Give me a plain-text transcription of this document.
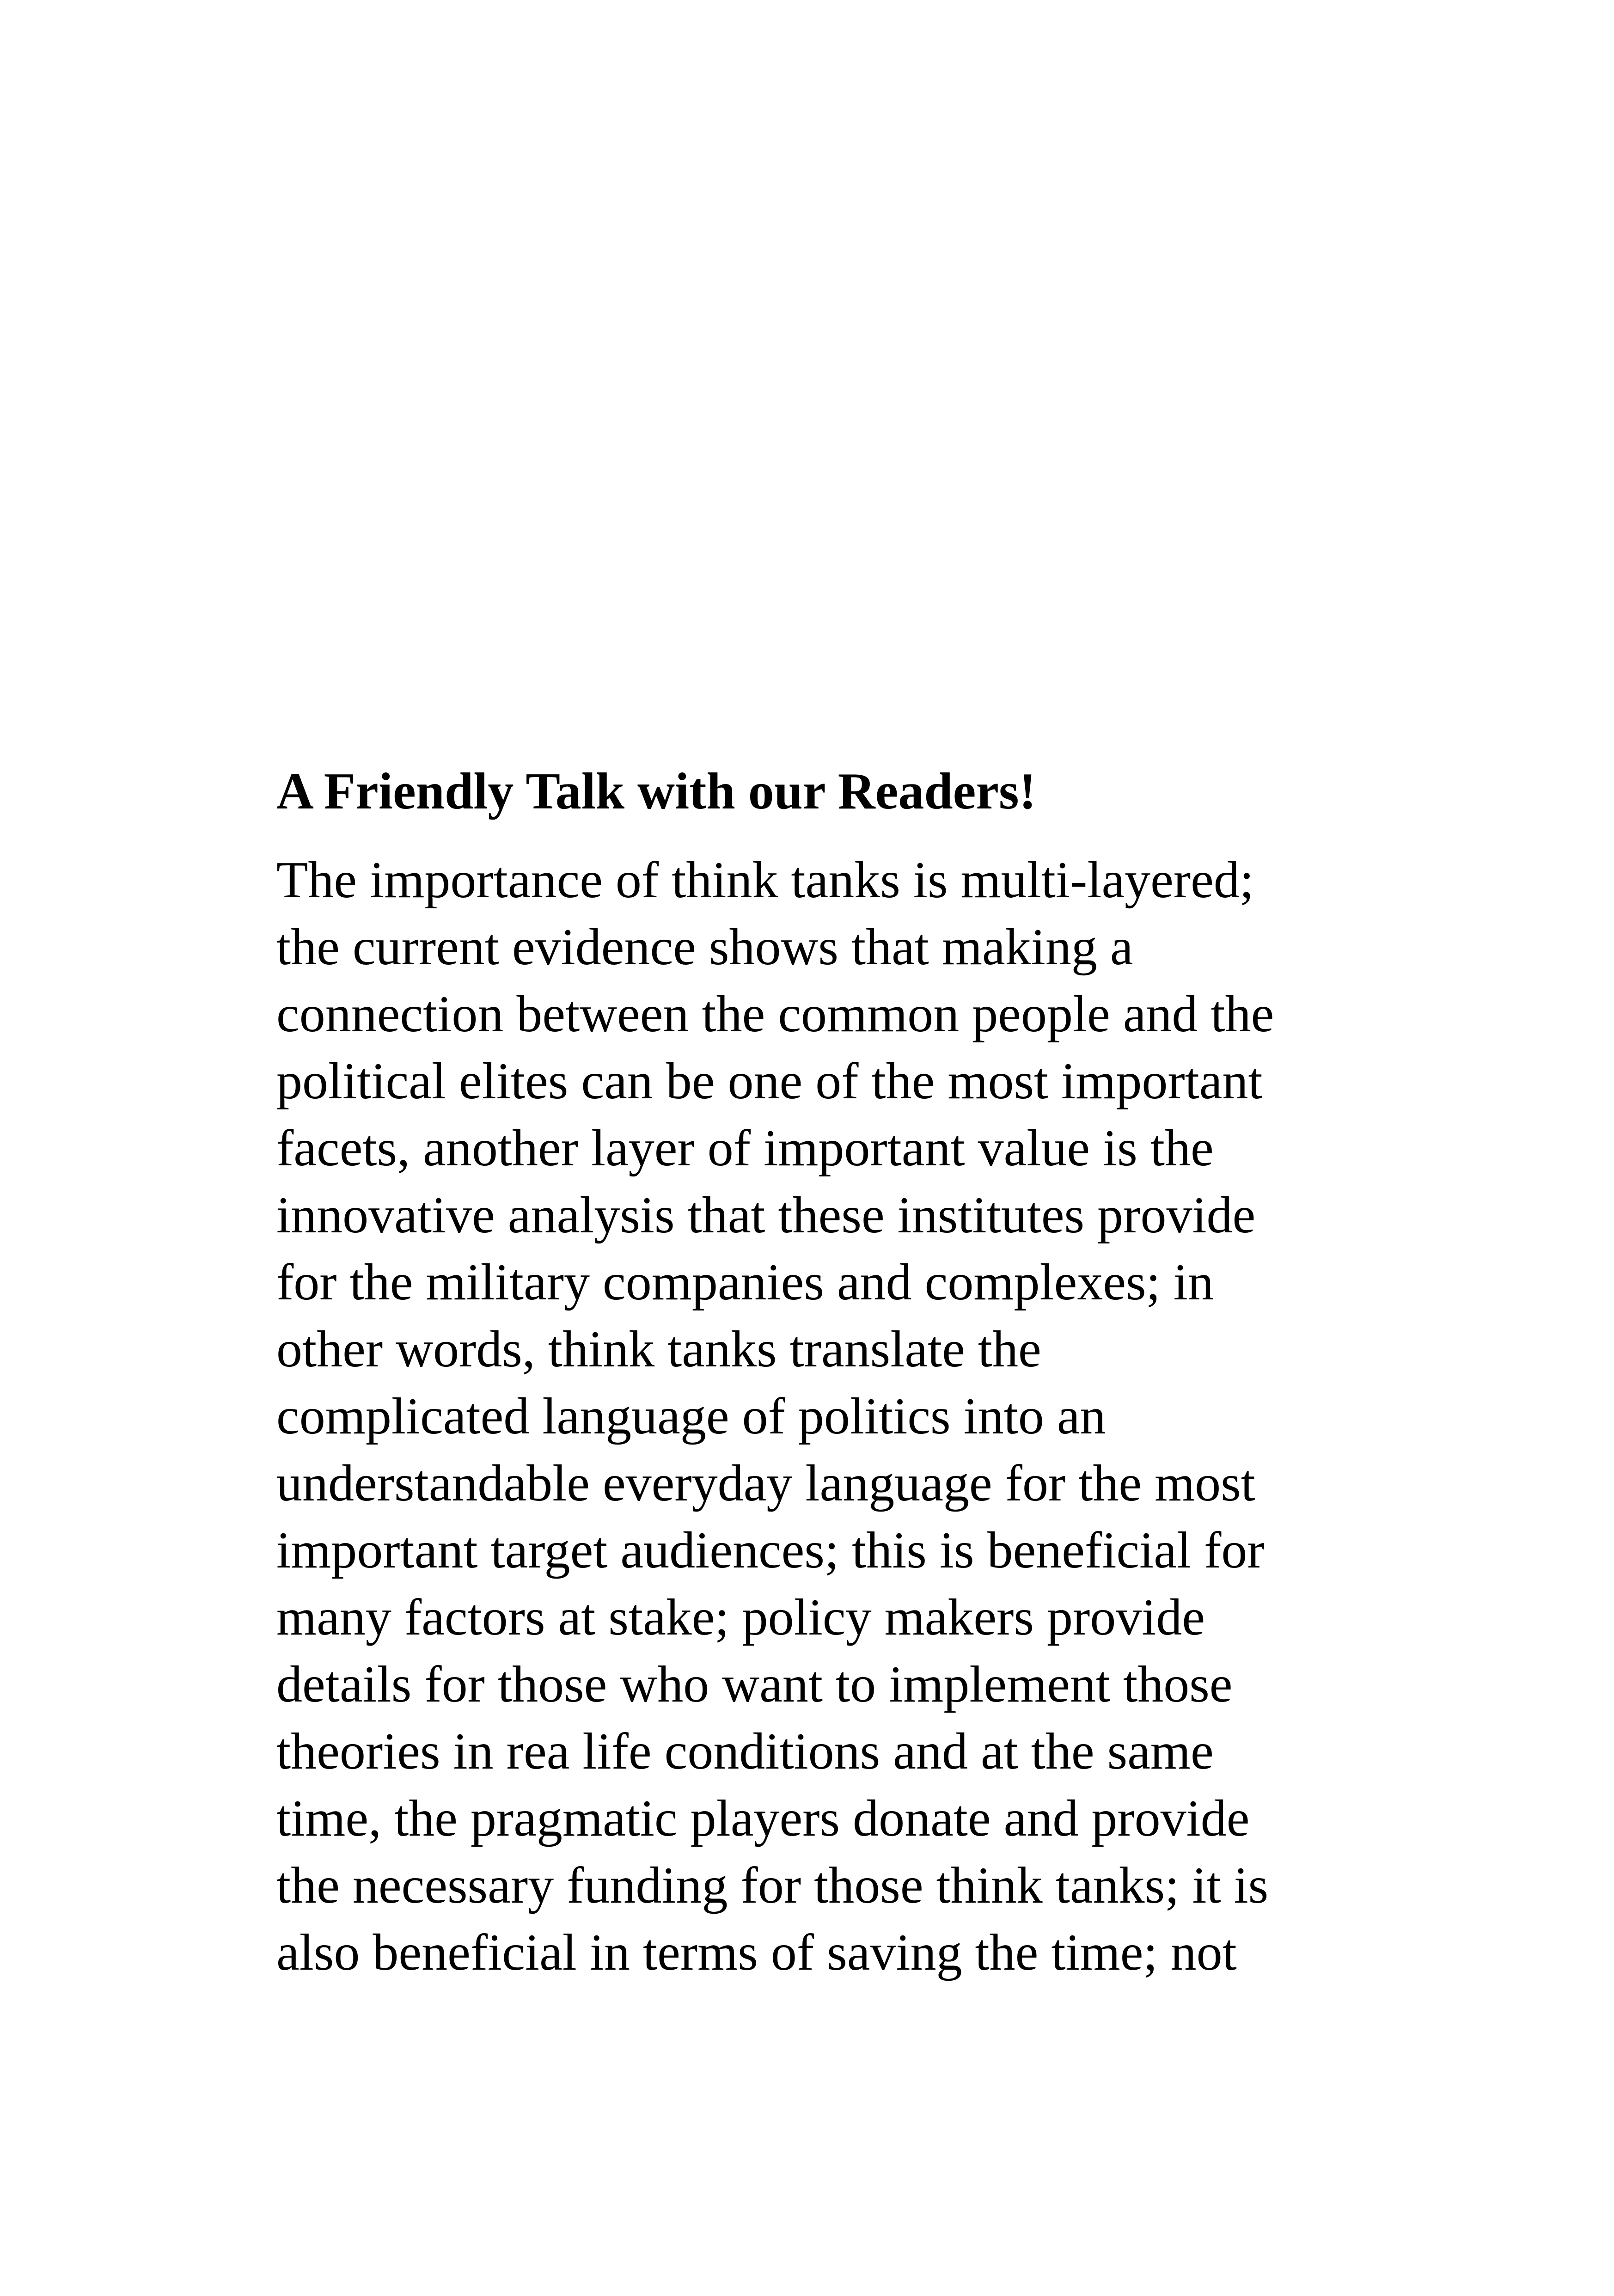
A Friendly Talk with our Readers!
The importance of think tanks is multi-layered;
the current evidence shows that making a
connection between the common people and the
political elites can be one of the most important
facets, another layer of important value is the
innovative analysis that these institutes provide
for the military companies and complexes; in
other words, think tanks translate the
complicated language of politics into an
understandable everyday language for the most
important target audiences; this is beneficial for
many factors at stake; policy makers provide
details for those who want to implement those
theories in rea life conditions and at the same
time, the pragmatic players donate and provide
the necessary funding for those think tanks; it is
also beneficial in terms of saving the time; not
